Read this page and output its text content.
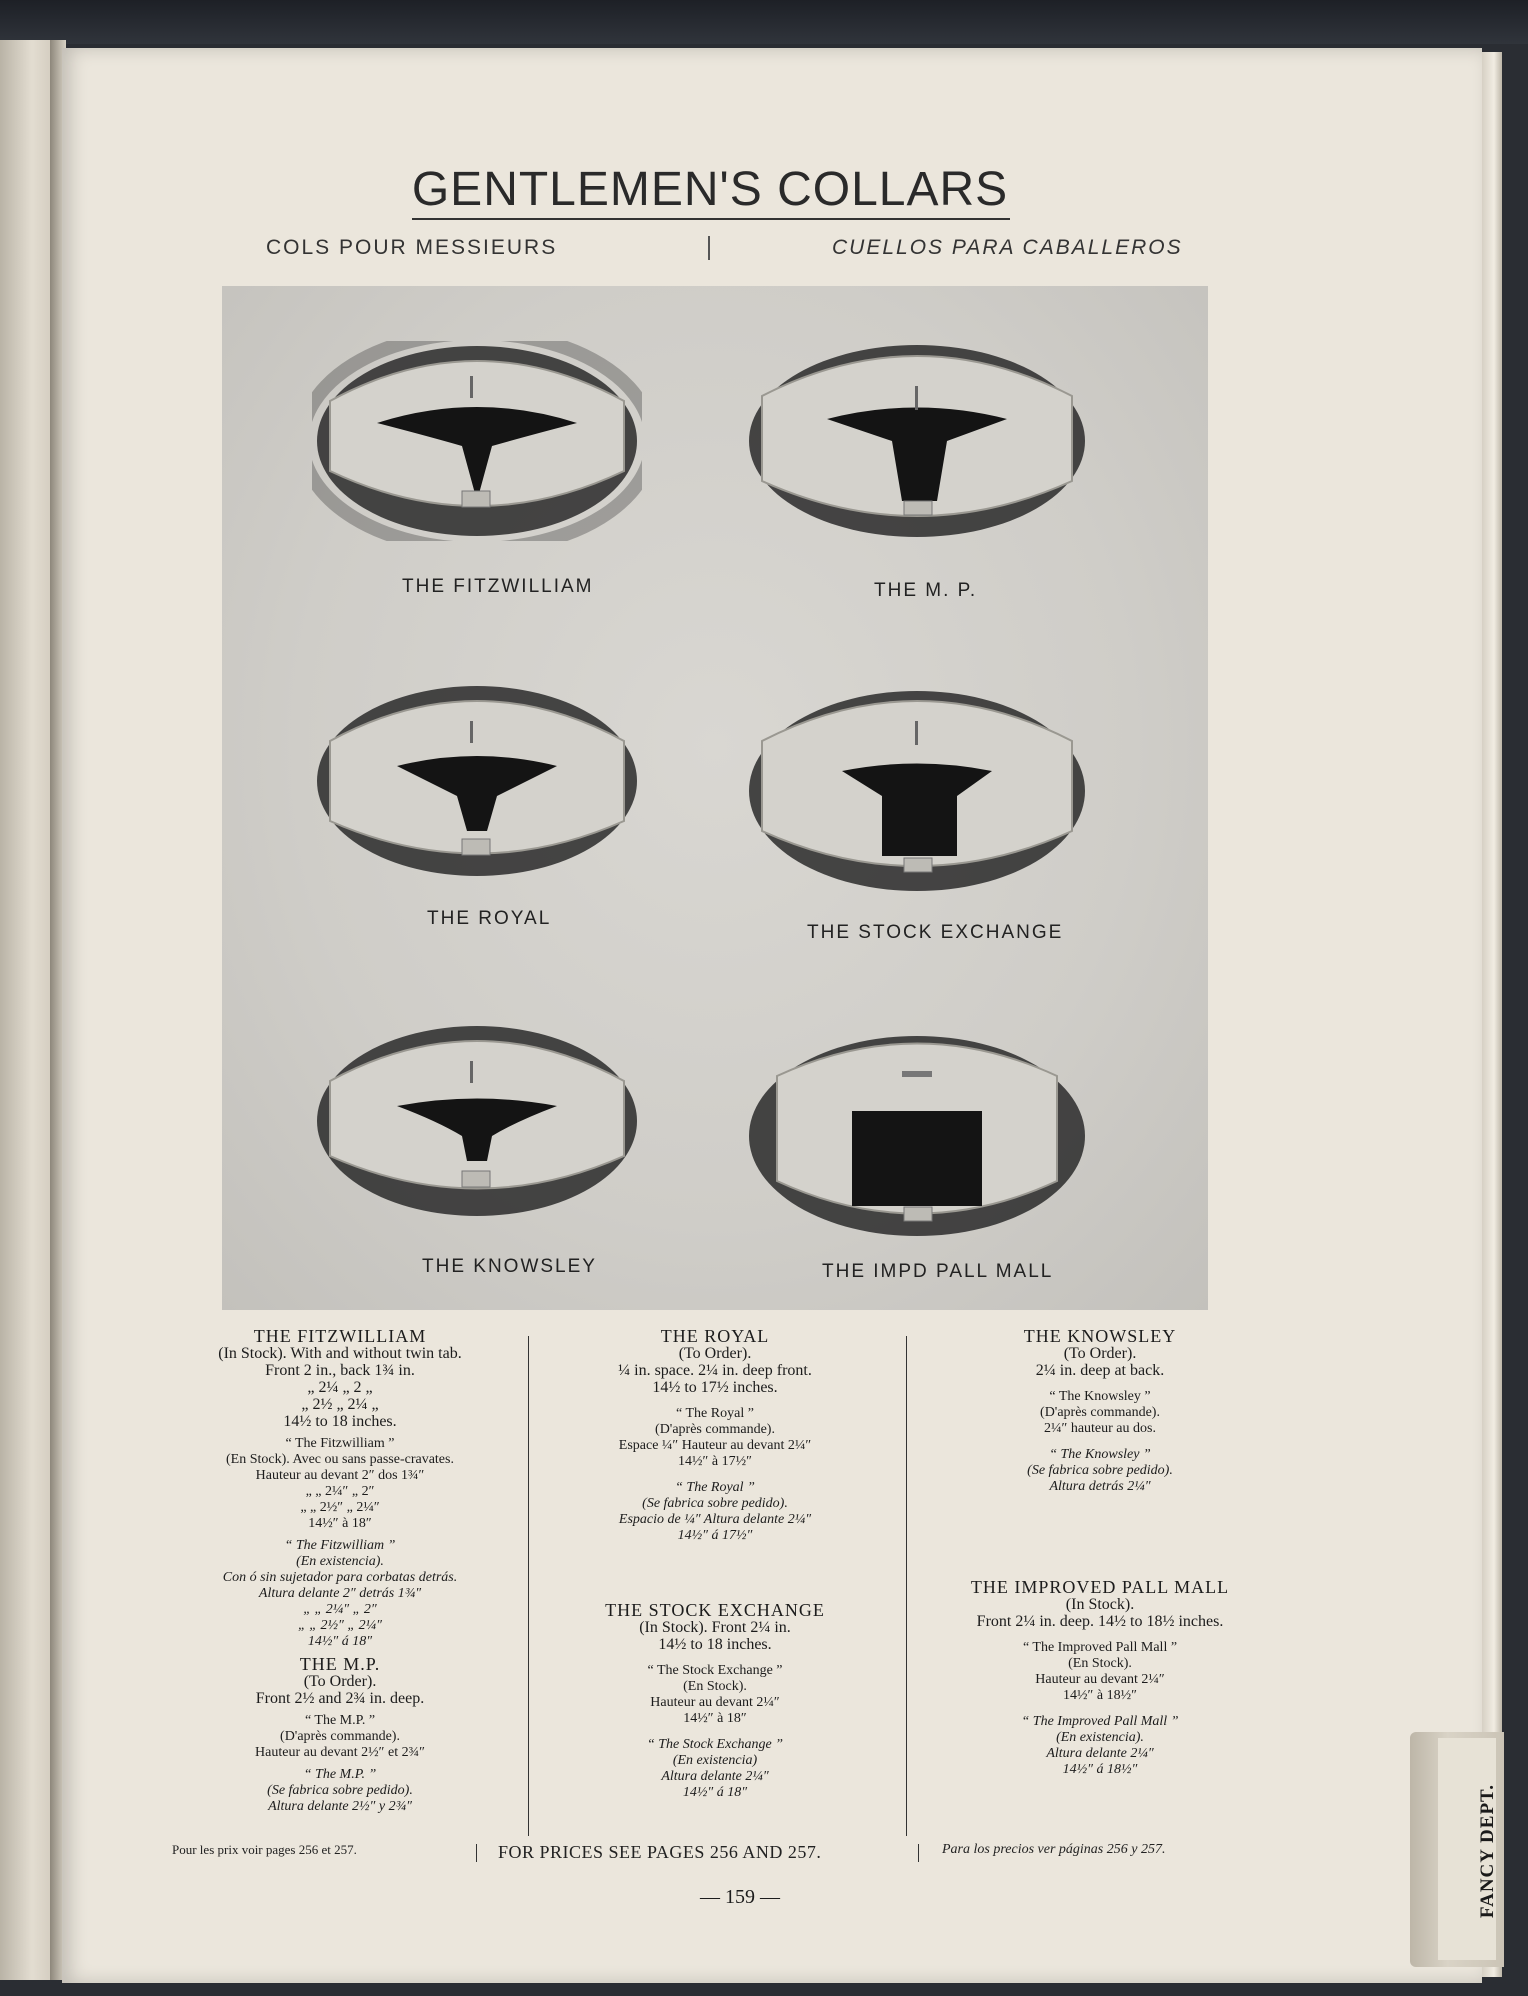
GENTLEMEN'S COLLARS
COLS POUR MESSIEURS	CUELLOS PARA CABALLEROS
THE FITZWILLIAM	THE M. P.
THE ROYAL
THE STOCK EXCHANGE
THE KNOWSLEY	THE IMPD PALL MALL
THE FITZWILLIAM
(In Stock). With and without twin tab.
Front 2 in., back 1¾ in.
„ 2¼ „ 2 „
„ 2½ „ 2¼ „
14½ to 18 inches.
“ The Fitzwilliam ”
(En Stock). Avec ou sans passe-cravates.
Hauteur au devant 2″ dos 1¾″
„ „ 2¼″ „ 2″
„ „ 2½″ „ 2¼″
14½″ à 18″
“ The Fitzwilliam ”
(En existencia).
Con ó sin sujetador para corbatas detrás.
Altura delante 2″ detrás 1¾″
„ „ 2¼″ „ 2″
„ „ 2½″ „ 2¼″
14½″ á 18″
THE M.P.
(To Order).
Front 2½ and 2¾ in. deep.
“ The M.P. ”
(D'après commande).
Hauteur au devant 2½″ et 2¾″
“ The M.P. ”
(Se fabrica sobre pedido).
Altura delante 2½″ y 2¾″
THE ROYAL
(To Order).
¼ in. space. 2¼ in. deep front.
14½ to 17½ inches.
“ The Royal ”
(D'après commande).
Espace ¼″ Hauteur au devant 2¼″
14½″ à 17½″
“ The Royal ”
(Se fabrica sobre pedido).
Espacio de ¼″ Altura delante 2¼″
14½″ á 17½″
THE STOCK EXCHANGE
(In Stock). Front 2¼ in.
14½ to 18 inches.
“ The Stock Exchange ”
(En Stock).
Hauteur au devant 2¼″
14½″ à 18″
“ The Stock Exchange ”
(En existencia)
Altura delante 2¼″
14½″ á 18″
THE KNOWSLEY
(To Order).
2¼ in. deep at back.
“ The Knowsley ”
(D'après commande).
2¼″ hauteur au dos.
“ The Knowsley ”
(Se fabrica sobre pedido).
Altura detrás 2¼″
THE IMPROVED PALL MALL
(In Stock).
Front 2¼ in. deep. 14½ to 18½ inches.
“ The Improved Pall Mall ”
(En Stock).
Hauteur au devant 2¼″
14½″ à 18½″
“ The Improved Pall Mall ”
(En existencia).
Altura delante 2¼″
14½″ á 18½″
Pour les prix voir pages 256 et 257.	FOR PRICES SEE PAGES 256 AND 257.	Para los precios ver páginas 256 y 257.
— 159 —	FANCY DEPT.
